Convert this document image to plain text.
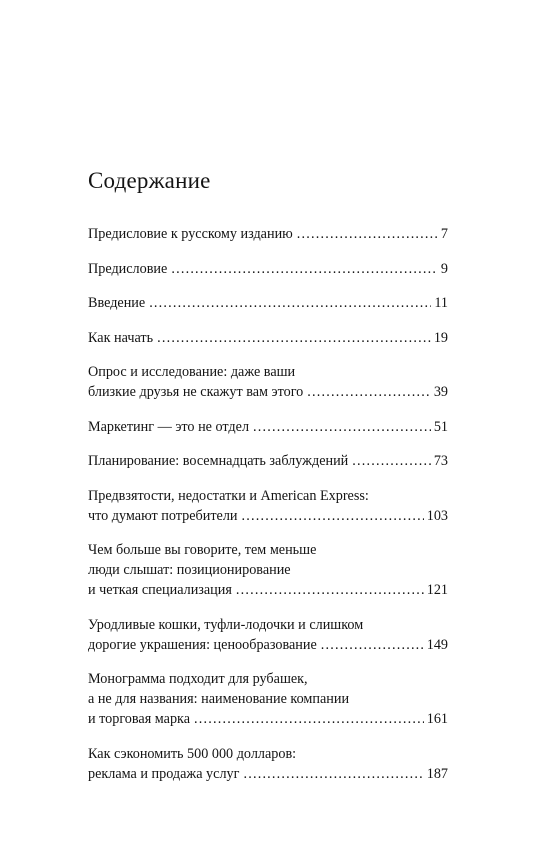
Содержание
Предисловие к русскому изданию .....	7
Предисловие .....	9
Введение .....	11
Как начать .....	19
Опрос и исследование: даже ваши
близкие друзья не скажут вам этого .....	39
Маркетинг — это не отдел .....	51
Планирование: восемнадцать заблуждений .....	73
Предвзятости, недостатки и American Express:
что думают потребители .....	103
Чем больше вы говорите, тем меньше
люди слышат: позиционирование
и четкая специализация .....	121
Уродливые кошки, туфли-лодочки и слишком
дорогие украшения: ценообразование .....	149
Монограмма подходит для рубашек,
а не для названия: наименование компании
и торговая марка .....	161
Как сэкономить 500 000 долларов:
реклама и продажа услуг .....	187
